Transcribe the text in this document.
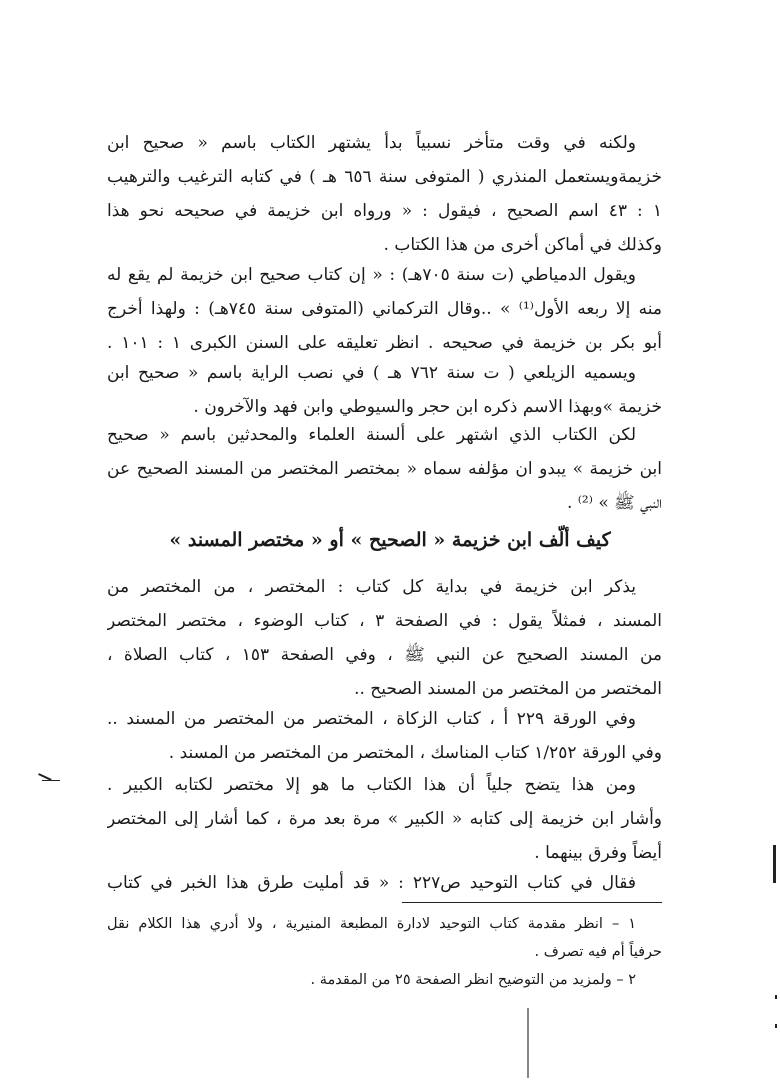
ولكنه في وقت متأخر نسبياً بدأ يشتهر الكتاب باسم « صحيح ابن
خزيمةويستعمل المنذري ( المتوفى سنة ٦٥٦ هـ ) في كتابه الترغيب والترهيب
١ : ٤٣ اسم الصحيح ، فيقول : « ورواه ابن خزيمة في صحيحه نحو هذا
وكذلك في أماكن أخرى من هذا الكتاب .
ويقول الدمياطي (ت سنة ٧٠٥هـ) : « إن كتاب صحيح ابن خزيمة لم يقع له
منه إلا ربعه الأول⁽¹⁾ » ..وقال التركماني (المتوفى سنة ٧٤٥هـ) : ولهذا أخرج
أبو بكر بن خزيمة في صحيحه . انظر تعليقه على السنن الكبرى ١ : ١٠١ .
ويسميه الزيلعي ( ت سنة ٧٦٢ هـ ) في نصب الراية باسم « صحيح ابن
خزيمة »وبهذا الاسم ذكره ابن حجر والسيوطي وابن فهد والآخرون .
لكن الكتاب الذي اشتهر على ألسنة العلماء والمحدثين باسم « صحيح
ابن خزيمة » يبدو ان مؤلفه سماه « بمختصر المختصر من المسند الصحيح عن
النبي ﷺ » ⁽²⁾ .
كيف ألّف ابن خزيمة « الصحيح » أو « مختصر المسند »
يذكر ابن خزيمة في بداية كل كتاب : المختصر ، من المختصر من
المسند ، فمثلاً يقول : في الصفحة ٣ ، كتاب الوضوء ، مختصر المختصر
من المسند الصحيح عن النبي ﷺ ، وفي الصفحة ١٥٣ ، كتاب الصلاة ،
المختصر من المختصر من المسند الصحيح ..
وفي الورقة ٢٢٩ أ ، كتاب الزكاة ، المختصر من المختصر من المسند ..
وفي الورقة ١/٢٥٢ كتاب المناسك ، المختصر من المختصر من المسند .
ومن هذا يتضح جلياً أن هذا الكتاب ما هو إلا مختصر لكتابه الكبير .
وأشار ابن خزيمة إلى كتابه « الكبير » مرة بعد مرة ، كما أشار إلى المختصر
أيضاً وفرق بينهما .
فقال في كتاب التوحيد ص٢٢٧ : « قد أمليت طرق هذا الخبر في كتاب
١ – انظر مقدمة كتاب التوحيد لادارة المطبعة المنيرية ، ولا أدري هذا الكلام نقل
حرفياً أم فيه تصرف .
٢ – ولمزيد من التوضيح انظر الصفحة ٢٥ من المقدمة .
